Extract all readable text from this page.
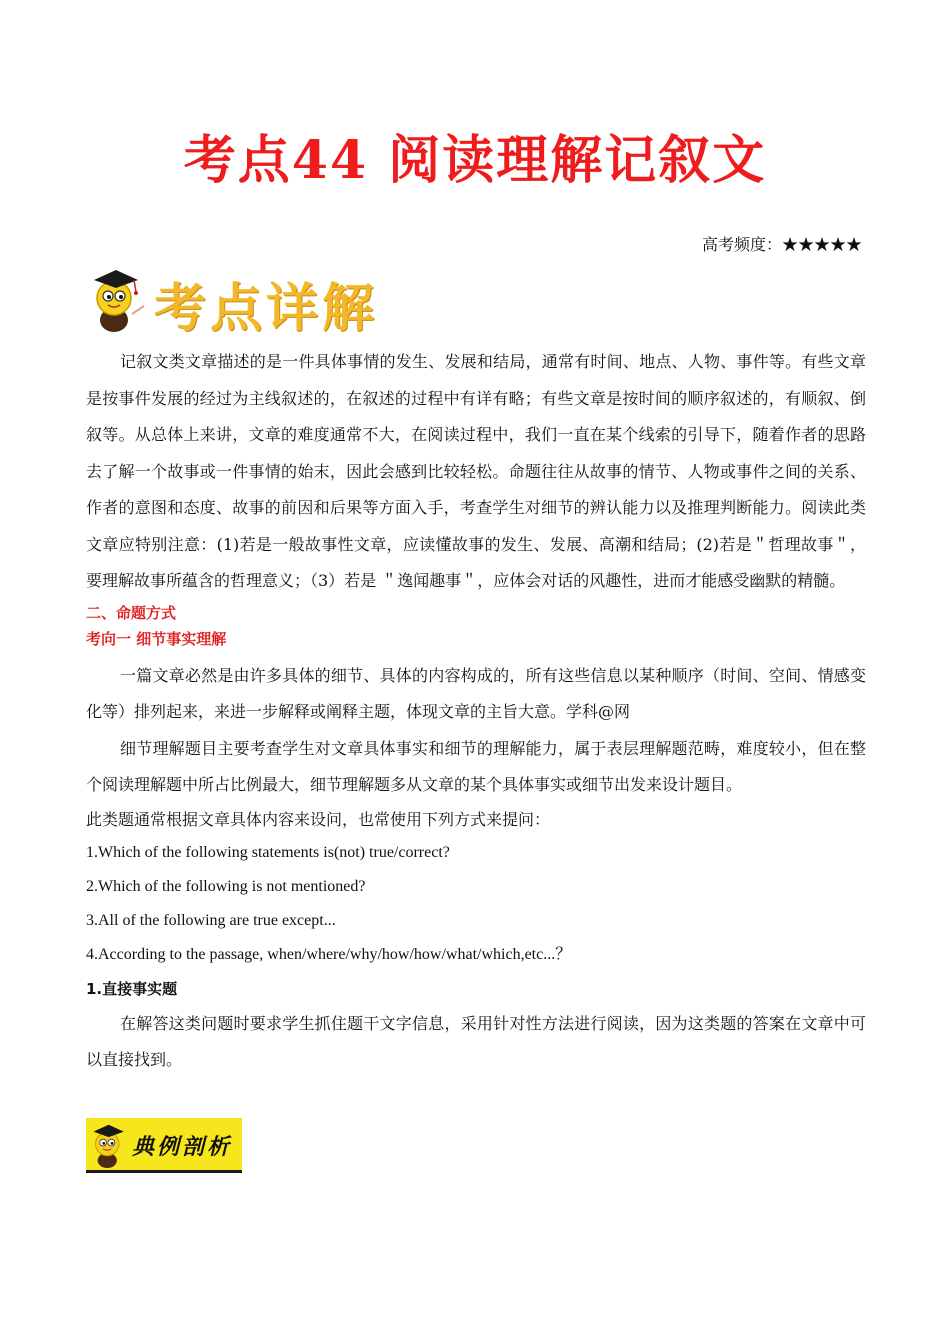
考点44 阅读理解记叙文
高考频度：★★★★★
考点详解

记叙文类文章描述的是一件具体事情的发生、发展和结局，通常有时间、地点、人物、事件等。有些文章是按事件发展的经过为主线叙述的，在叙述的过程中有详有略；有些文章是按时间的顺序叙述的，有顺叙、倒叙等。从总体上来讲，文章的难度通常不大，在阅读过程中，我们一直在某个线索的引导下，随着作者的思路去了解一个故事或一件事情的始末，因此会感到比较轻松。命题往往从故事的情节、人物或事件之间的关系、作者的意图和态度、故事的前因和后果等方面入手，考查学生对细节的辨认能力以及推理判断能力。阅读此类文章应特别注意：(1)若是一般故事性文章，应读懂故事的发生、发展、高潮和结局；(2)若是＂哲理故事＂，要理解故事所蕴含的哲理意义；（3）若是 ＂逸闻趣事＂，应体会对话的风趣性，进而才能感受幽默的精髓。

二、命题方式

考向一 细节事实理解

一篇文章必然是由许多具体的细节、具体的内容构成的，所有这些信息以某种顺序（时间、空间、情感变化等）排列起来，来进一步解释或阐释主题，体现文章的主旨大意。学科@网

细节理解题目主要考查学生对文章具体事实和细节的理解能力，属于表层理解题范畴，难度较小，但在整个阅读理解题中所占比例最大，细节理解题多从文章的某个具体事实或细节出发来设计题目。

此类题通常根据文章具体内容来设问，也常使用下列方式来提问：

1.Which of the following statements is(not) true/correct?

2.Which of the following is not mentioned?

3.All of the following are true except...

4.According to the passage, when/where/why/how/how/what/which,etc...？

1.直接事实题

在解答这类问题时要求学生抓住题干文字信息，采用针对性方法进行阅读，因为这类题的答案在文章中可以直接找到。

典例剖析
